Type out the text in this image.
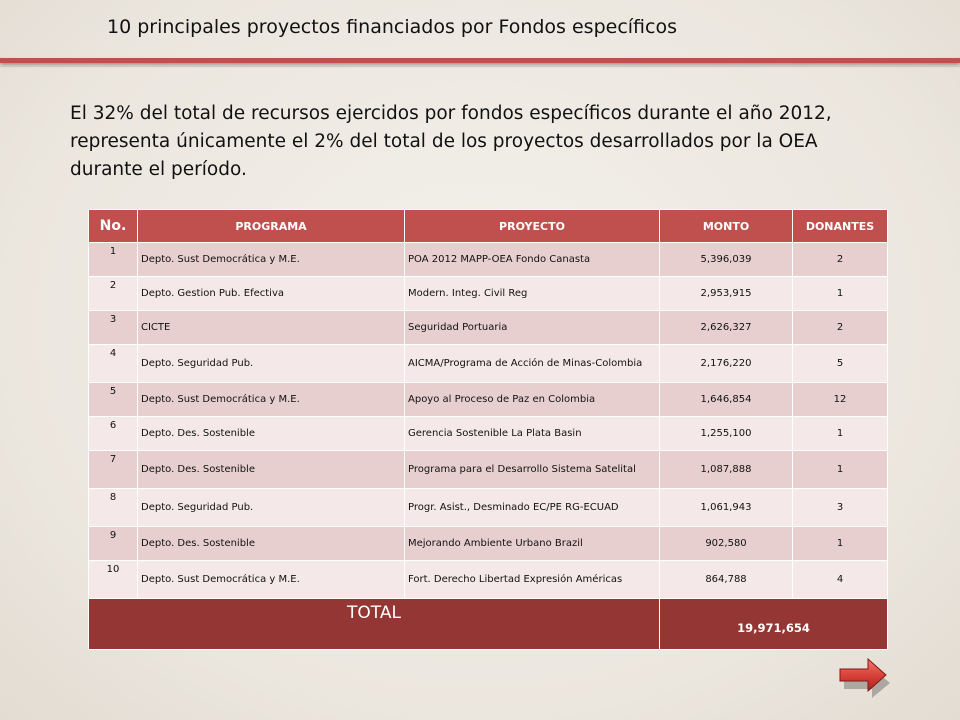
10 principales proyectos financiados por Fondos específicos
El 32% del total de recursos ejercidos por fondos específicos durante el año 2012, representa únicamente el 2% del total de los proyectos desarrollados por la OEA durante el período.
No.	PROGRAMA	PROYECTO	MONTO	DONANTES
1	Depto. Sust Democrática y M.E.	POA 2012 MAPP-OEA Fondo Canasta	5,396,039	2
2	Depto. Gestion Pub. Efectiva	Modern. Integ. Civil Reg	2,953,915	1
3	CICTE	Seguridad Portuaria	2,626,327	2
4	Depto. Seguridad Pub.	AICMA/Programa de Acción de Minas-Colombia	2,176,220	5
5	Depto. Sust Democrática y M.E.	Apoyo al Proceso de Paz en Colombia	1,646,854	12
6	Depto. Des. Sostenible	Gerencia Sostenible La Plata Basin	1,255,100	1
7	Depto. Des. Sostenible	Programa para el Desarrollo Sistema Satelital	1,087,888	1
8	Depto. Seguridad Pub.	Progr. Asist., Desminado EC/PE RG-ECUAD	1,061,943	3
9	Depto. Des. Sostenible	Mejorando Ambiente Urbano Brazil	902,580	1
10	Depto. Sust Democrática y M.E.	Fort. Derecho Libertad Expresión Américas	864,788	4
TOTAL			19,971,654	
